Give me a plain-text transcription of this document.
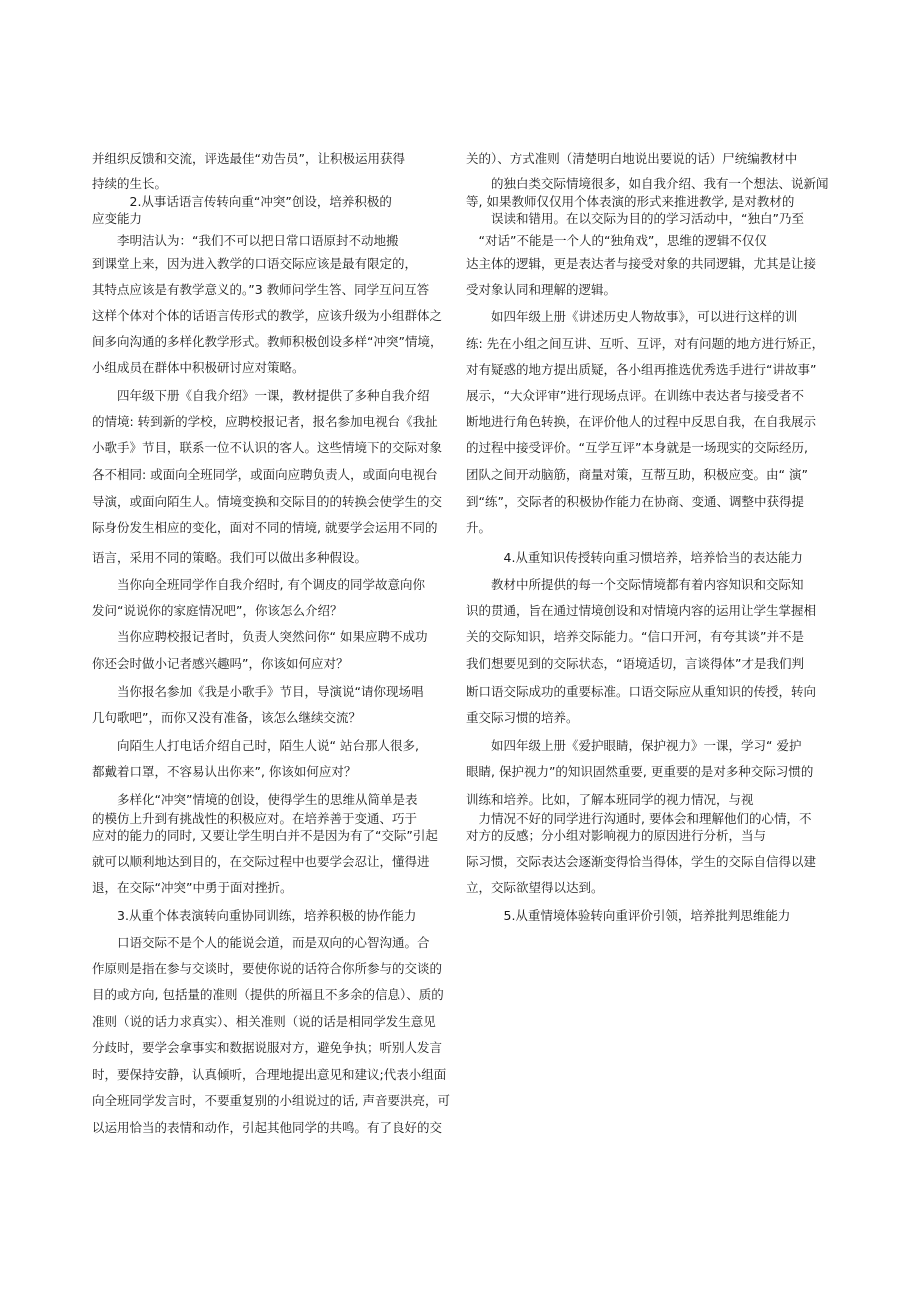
并组织反馈和交流，评选最佳“劝告员”，让积极运用获得
持续的生长。
　　　2.从事话语言传转向重“冲突”创设，培养积极的
应变能力
　　李明洁认为：“我们不可以把日常口语原封不动地搬
到课堂上来，因为进入教学的口语交际应该是最有限定的，
其特点应该是有教学意义的。”3 教师问学生答、同学互问互答
这样个体对个体的话语言传形式的教学，应该升级为小组群体之
间多向沟通的多样化教学形式。教师积极创设多样“冲突”情境，
小组成员在群体中积极研讨应对策略。
　　四年级下册《自我介绍》一课，教材提供了多种自我介绍
的情境: 转到新的学校，应聘校报记者，报名参加电视台《我扯
小歌手》节目，联系一位不认识的客人。这些情境下的交际对象
各不相同: 或面向全班同学，或面向应聘负责人，或面向电视台
导演，或面向陌生人。情境变换和交际目的的转换会使学生的交
际身份发生相应的变化，面对不同的情境, 就要学会运用不同的
语言，采用不同的策略。我们可以做出多种假设。
　　当你向全班同学作自我介绍时, 有个调皮的同学故意向你
发问“说说你的家庭情况吧”，你该怎么介绍？
　　当你应聘校报记者时，负责人突然问你“ 如果应聘不成功
你还会时做小记者感兴趣吗”，你该如何应对？
　　当你报名参加《我是小歌手》节目，导演说“请你现场唱
几句歌吧”，而你又没有准备，该怎么继续交流？
　　向陌生人打电话介绍自己时，陌生人说“ 站台那人很多,
都戴着口罩，不容易认出你来”, 你该如何应对？
　　多样化“冲突”情境的创设，使得学生的思维从简单是表
的模仿上升到有挑战性的积极应对。在培养善于变通、巧于
应对的能力的同时, 又要让学生明白并不是因为有了“交际”引起
就可以顺利地达到目的，在交际过程中也要学会忍让，懂得进
退，在交际“冲突”中勇于面对挫折。
　　3.从重个体表演转向重协同训练，培养积极的协作能力
　　口语交际不是个人的能说会道，而是双向的心智沟通。合
作原则是指在参与交谈时，要使你说的话符合你所参与的交谈的
目的或方向, 包括量的准则（提供的所福且不多余的信息）、质的
准则（说的话力求真实）、相关准则（说的话是相同学发生意见
分歧时，要学会拿事实和数据说服对方，避免争执；听别人发言
时，要保持安静，认真倾听，合理地提出意见和建议;代表小组面
向全班同学发言时，不要重复别的小组说过的话, 声音要洪亮，可
以运用恰当的表情和动作，引起其他同学的共鸣。有了良好的交
关的）、方式准则（清楚明白地说出要说的话）尸统编教材中
　　的独白类交际情境很多，如自我介绍、我有一个想法、说新闻
等, 如果教师仅仅用个体表演的形式来推进教学, 是对教材的
　　误读和错用。在以交际为目的的学习活动中，“独白”乃至
　“对话”不能是一个人的“独角戏”，思维的逻辑不仅仅
达主体的逻辑，更是表达者与接受对象的共同逻辑，尤其是让接
受对象认同和理解的逻辑。
　　如四年级上册《讲述历史人物故事》，可以进行这样的训
练: 先在小组之间互讲、互听、互评，对有问题的地方进行矫正，
对有疑惑的地方提出质疑，各小组再推选优秀选手进行“讲故事”
展示，“大众评审”进行现场点评。在训练中表达者与接受者不
断地进行角色转换，在评价他人的过程中反思自我，在自我展示
的过程中接受评价。“互学互评”本身就是一场现实的交际经历,
团队之间开动脑筋，商量对策，互帮互助，积极应变。由“ 演”
到“练”，交际者的积极协作能力在协商、变通、调整中获得提
升。
　　　4.从重知识传授转向重习惯培养，培养恰当的表达能力
　　教材中所提供的每一个交际情境都有着内容知识和交际知
识的贯通，旨在通过情境创设和对情境内容的运用让学生掌握相
关的交际知识，培养交际能力。“信口开河，有夸其谈”并不是
我们想要见到的交际状态，“语境适切，言谈得体”才是我们判
断口语交际成功的重要标准。口语交际应从重知识的传授，转向
重交际习惯的培养。
　　如四年级上册《爱护眼睛，保护视力》一课，学习“ 爱护
眼睛, 保护视力”的知识固然重要, 更重要的是对多种交际习惯的
训练和培养。比如，了解本班同学的视力情况，与视
　力情况不好的同学进行沟通时, 要体会和理解他们的心情，不
对方的反感；分小组对影响视力的原因进行分析，当与
际习惯，交际表达会逐渐变得恰当得体，学生的交际自信得以建
立，交际欲望得以达到。
　　　5.从重情境体验转向重评价引领，培养批判思维能力
